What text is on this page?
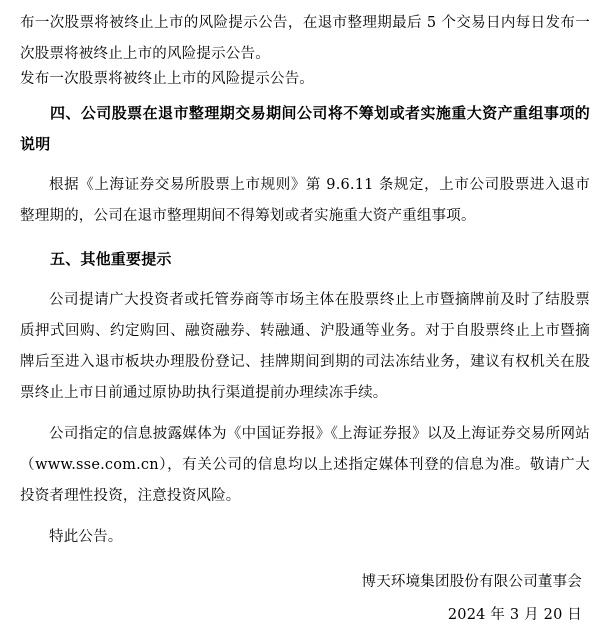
布一次股票将被终止上市的风险提示公告，在退市整理期最后 5 个交易日内每日发布一次股票将被终止上市的风险提示公告。

发布一次股票将被终止上市的风险提示公告。
四、公司股票在退市整理期交易期间公司将不筹划或者实施重大资产重组事项的说明

根据《上海证券交易所股票上市规则》第 9.6.11 条规定，上市公司股票进入退市整理期的，公司在退市整理期间不得筹划或者实施重大资产重组事项。

五、其他重要提示

公司提请广大投资者或托管券商等市场主体在股票终止上市暨摘牌前及时了结股票质押式回购、约定购回、融资融券、转融通、沪股通等业务。对于自股票终止上市暨摘牌后至进入退市板块办理股份登记、挂牌期间到期的司法冻结业务，建议有权机关在股票终止上市日前通过原协助执行渠道提前办理续冻手续。

公司指定的信息披露媒体为《中国证券报》《上海证券报》以及上海证券交易所网站（www.sse.com.cn），有关公司的信息均以上述指定媒体刊登的信息为准。敬请广大投资者理性投资，注意投资风险。

特此公告。

博天环境集团股份有限公司董事会

2024 年 3 月 20 日
